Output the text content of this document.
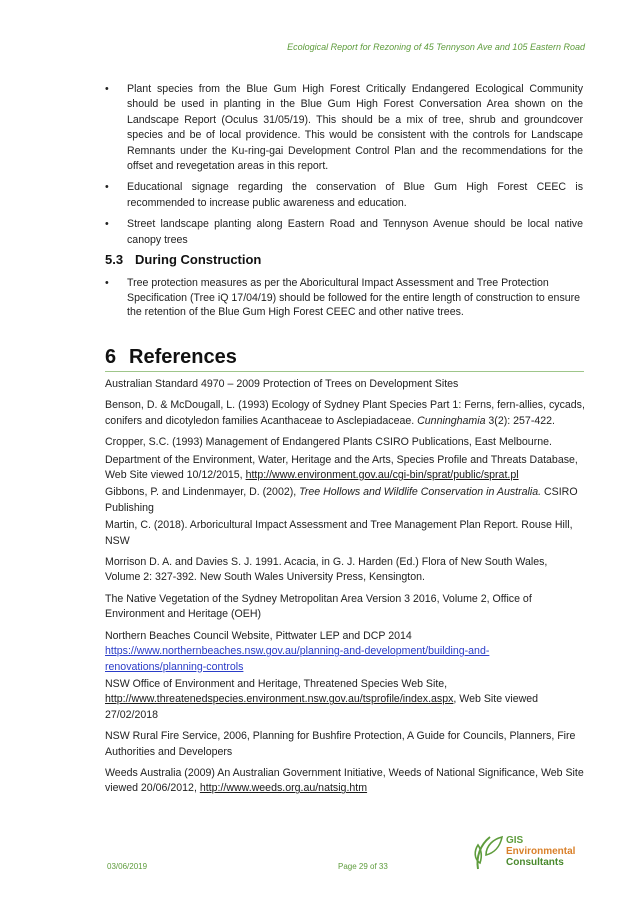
Ecological Report for Rezoning of 45 Tennyson Ave and 105 Eastern Road
• Plant species from the Blue Gum High Forest Critically Endangered Ecological Community should be used in planting in the Blue Gum High Forest Conversation Area shown on the Landscape Report (Oculus 31/05/19). This should be a mix of tree, shrub and groundcover species and be of local providence. This would be consistent with the controls for Landscape Remnants under the Ku-ring-gai Development Control Plan and the recommendations for the offset and revegetation areas in this report.
• Educational signage regarding the conservation of Blue Gum High Forest CEEC is recommended to increase public awareness and education.
• Street landscape planting along Eastern Road and Tennyson Avenue should be local native canopy trees
5.3 During Construction
• Tree protection measures as per the Aboricultural Impact Assessment and Tree Protection Specification (Tree iQ 17/04/19) should be followed for the entire length of construction to ensure the retention of the Blue Gum High Forest CEEC and other native trees.
6 References
Australian Standard 4970 – 2009 Protection of Trees on Development Sites
Benson, D. & McDougall, L. (1993) Ecology of Sydney Plant Species Part 1: Ferns, fern-allies, cycads, conifers and dicotyledon families Acanthaceae to Asclepiadaceae. Cunninghamia 3(2): 257-422.
Cropper, S.C. (1993) Management of Endangered Plants CSIRO Publications, East Melbourne.
Department of the Environment, Water, Heritage and the Arts, Species Profile and Threats Database, Web Site viewed 10/12/2015, http://www.environment.gov.au/cgi-bin/sprat/public/sprat.pl
Gibbons, P. and Lindenmayer, D. (2002), Tree Hollows and Wildlife Conservation in Australia. CSIRO Publishing
Martin, C. (2018). Arboricultural Impact Assessment and Tree Management Plan Report. Rouse Hill, NSW
Morrison D. A. and Davies S. J. 1991. Acacia, in G. J. Harden (Ed.) Flora of New South Wales, Volume 2: 327-392. New South Wales University Press, Kensington.
The Native Vegetation of the Sydney Metropolitan Area Version 3 2016, Volume 2, Office of Environment and Heritage (OEH)
Northern Beaches Council Website, Pittwater LEP and DCP 2014
https://www.northernbeaches.nsw.gov.au/planning-and-development/building-and-renovations/planning-controls
NSW Office of Environment and Heritage, Threatened Species Web Site, http://www.threatenedspecies.environment.nsw.gov.au/tsprofile/index.aspx, Web Site viewed 27/02/2018
NSW Rural Fire Service, 2006, Planning for Bushfire Protection, A Guide for Councils, Planners, Fire Authorities and Developers
Weeds Australia (2009) An Australian Government Initiative, Weeds of National Significance, Web Site viewed 20/06/2012, http://www.weeds.org.au/natsig.htm
03/06/2019	Page 29 of 33
GIS
Environmental
Consultants
